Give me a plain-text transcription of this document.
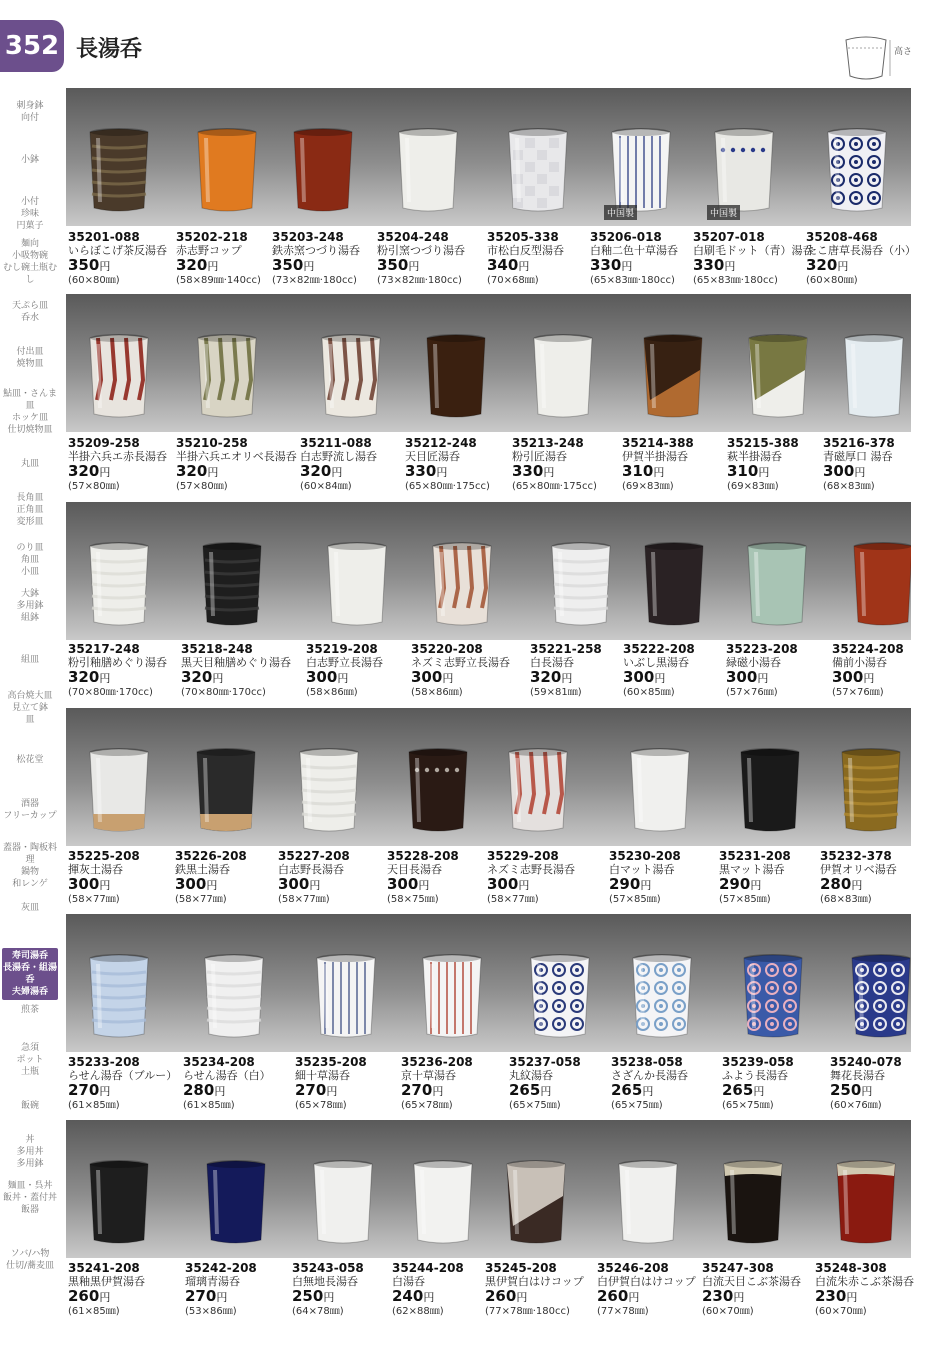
352 長湯呑	高さ
刺身鉢
向付
小鉢
小付
珍味
円菓子
麺向
小吸物碗
むし碗土瓶むし
天ぷら皿
呑水
付出皿
焼物皿
鮎皿・さんま皿
ホッケ皿
仕切焼物皿
丸皿
長角皿
正角皿
変形皿
のり皿
角皿
小皿
大鉢
多用鉢
組鉢
組皿
高台焼大皿
見立て鉢
皿
松花堂
酒器
フリーカップ
蓋器・陶板料理
鍋物
和レンゲ
灰皿
寿司湯呑
長湯呑・組湯呑
夫婦湯呑
煎茶
急須
ポット
土瓶
飯碗
丼
多用丼
多用鉢
麺皿・呉丼
飯丼・蓋付丼
飯器
ソバ/ハ物
仕切/蕎麦皿
中国製	中国製
35201-088
いらぼこげ茶反湯呑
350円
(60×80㎜)
35202-218
赤志野コップ
320円
(58×89㎜·140cc)
35203-248
鉄赤窯つづり湯呑
350円
(73×82㎜·180cc)
35204-248
粉引窯つづり湯呑
350円
(73×82㎜·180cc)
35205-338
市松白反型湯呑
340円
(70×68㎜)
35206-018
白釉二色十草湯呑
330円
(65×83㎜·180cc)
35207-018
白刷毛ドット（青）湯呑
330円
(65×83㎜·180cc)
35208-468
たこ唐草長湯呑（小）
320円
(60×80㎜)
35209-258
半掛六兵エ赤長湯呑
320円
(57×80㎜)
35210-258
半掛六兵エオリベ長湯呑
320円
(57×80㎜)
35211-088
白志野流し湯呑
320円
(60×84㎜)
35212-248
天目匠湯呑
330円
(65×80㎜·175cc)
35213-248
粉引匠湯呑
330円
(65×80㎜·175cc)
35214-388
伊賀半掛湯呑
310円
(69×83㎜)
35215-388
萩半掛湯呑
310円
(69×83㎜)
35216-378
青磁厚口 湯呑
300円
(68×83㎜)
35217-248
粉引釉膳めぐり湯呑
320円
(70×80㎜·170cc)
35218-248
黒天目釉膳めぐり湯呑
320円
(70×80㎜·170cc)
35219-208
白志野立長湯呑
300円
(58×86㎜)
35220-208
ネズミ志野立長湯呑
300円
(58×86㎜)
35221-258
白長湯呑
320円
(59×81㎜)
35222-208
いぶし黒湯呑
300円
(60×85㎜)
35223-208
緑磁小湯呑
300円
(57×76㎜)
35224-208
備前小湯呑
300円
(57×76㎜)
35225-208
揮灰土湯呑
300円
(58×77㎜)
35226-208
鉄黒土湯呑
300円
(58×77㎜)
35227-208
白志野長湯呑
300円
(58×77㎜)
35228-208
天目長湯呑
300円
(58×75㎜)
35229-208
ネズミ志野長湯呑
300円
(58×77㎜)
35230-208
白マット湯呑
290円
(57×85㎜)
35231-208
黒マット湯呑
290円
(57×85㎜)
35232-378
伊賀オリベ湯呑
280円
(68×83㎜)
35233-208
らせん湯呑（ブルー）
270円
(61×85㎜)
35234-208
らせん湯呑（白）
280円
(61×85㎜)
35235-208
細十草湯呑
270円
(65×78㎜)
35236-208
京十草湯呑
270円
(65×78㎜)
35237-058
丸紋湯呑
265円
(65×75㎜)
35238-058
さざんか長湯呑
265円
(65×75㎜)
35239-058
ふよう長湯呑
265円
(65×75㎜)
35240-078
舞花長湯呑
250円
(60×76㎜)
35241-208
黒釉黒伊賀湯呑
260円
(61×85㎜)
35242-208
瑠璃青湯呑
270円
(53×86㎜)
35243-058
白無地長湯呑
250円
(64×78㎜)
35244-208
白湯呑
240円
(62×88㎜)
35245-208
黒伊賀白はけコップ
260円
(77×78㎜·180cc)
35246-208
白伊賀白はけコップ
260円
(77×78㎜)
35247-308
白流天目こぶ茶湯呑
230円
(60×70㎜)
35248-308
白流朱赤こぶ茶湯呑
230円
(60×70㎜)
